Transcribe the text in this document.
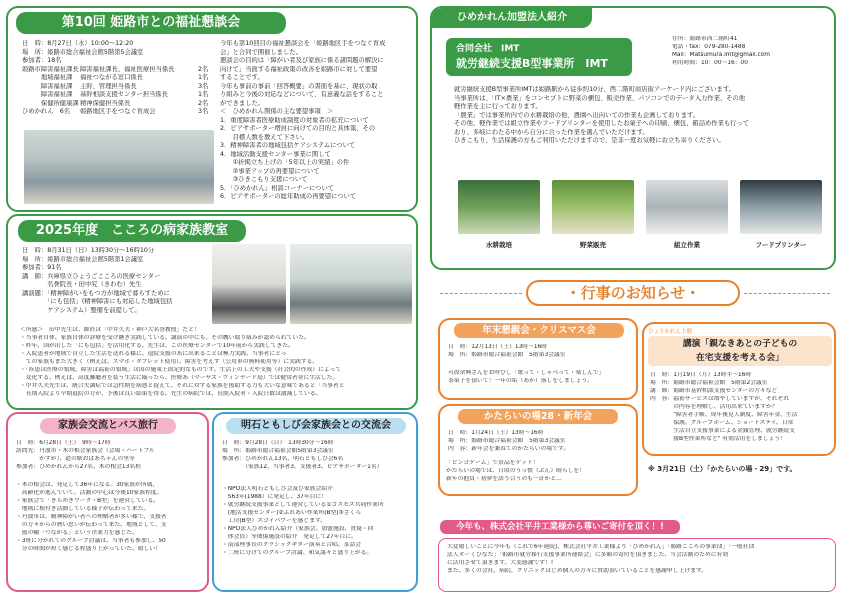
第10回 姫路市との福祉懇談会
日　時：8月27日（水）10:00～12:20
場　所：姫路市総合福祉会館5階第5会議室
参加者：18名
姫路市障害福祉課長 障害福祉課長、福祉医療担当係長	2名
　　　地域福祉課	福祉つながる窓口係長	1名
　　　障害福祉課	主幹、管理担当係長	3名
　　　障害福祉課	基幹相談支援センター担当係長	1名
　　　保健所健康課 精神保健担当係長	2名
ひめかれん　6名	姫路地区手をつなぐ育成会	3名
今年も第10回目の福祉懇談会を「姫路地区手をつなぐ育成
会」と合同で開催しました。
懇談会の目的は「障がい者及び家族に係る諸問題の解決に
向けて」当面する福祉政策の改善を姫路市に対して要望
することです。
今年も事前の事前「回答概要」の書面を基に、現状の取
り組みと今後の対応などについて、有意義な話をすること
ができました。
＜　ひめかれん関係の主な要望事項　＞
1．重度障害者医療助成制度の対象者の拡充について
2．ピアサポーター増員に向けての目的と具体策、その
　　目標人数を教えて下さい。
3．精神障害者の地域包括ケアシステムについて
4．地域活動支援センター事業に関して
　　①折掲立ち上げの「5年以上の実績」の件
　　②事業アップの再要望について
　　③ひきこもり支援について
5．「ひめかれん」相談コーナーについて
6．ピアサポーターの総年助成の再要望について
2025年度　こころの病家族教室
日　時：8月31日（日）13時30分～16時10分
場　所：姫路市総合福祉会館5階第1会議室
参加者：91名
講　師：兵庫県立ひょうごこころの医療センター
　　　　名誉院長・田中究（きわむ）先生
講演題：「精神障がいをもつ方が地域で暮らすために
　　　　「にも包括」(精神障害にも対応した地域包括
　　　　ケアシステム）整備を前提して。
＜所感＞　田中先生は、師匠は「中井久夫・神戸大名誉教授」だと！
・当事者自体、家族自体の診療を受け継ぎ実践している。講演の中にも、その鷹い取り組みが認められていた。
・昨年、国が出した「にも包括」を活用化する。先生は、この医療センターで10年前から実践してきた。
・入院患者が地域で自立した生活を送れる様に、退院支援のあに出来ることは極力実践。当事者にとっ
　ての家族もまた大きく（例えば、スマホ・タブレット使用）。障害を考えず（公用車の無料使用等）に実践する。
・「疾患は医療の領域、障害は福祉の領域」は国の施策上固定的なものです。生活上の工夫や支援（社会的の作成）によって
　変化する。例えば、高度難聴者を装う生活に陥ったら、医療あ（マーサズ・ヴィンヤード島）では健常者並に生活した。
・中井久夫先生は、統合失調症では急性期を病悪と捉えて、それに対する家族を援助する力も大いな意味であると「当事者と
　長期入院より早期退院の方が、予後は良い結果を得る。先生の病院では、長期入院者・入院日数は激減している。
家族会交流とバス旅行
日　時：6月28日（土）　9時～17時
訪問先：丹波市・木の根会家族会（会場・ハートフル
　　　　かすが）、道の駅おばあちゃんの里等
参加者：ひめかれんから27名、木の根会13名程
・木の根会は、発足して36年になる。30家族が所属、
　高齢化が進んでいて、活動の中心は今後10家族程度。
・家族会で「きらめきワーク・B型」を運営している。
　地域に根付き活動している様子が伝わって来た。
・丹波市は、精神障がい者への理解者が多い様で、支援者
　の方々からの熱い思いが伝わって来た。地域として、支
　援の輪「つながる」という企業力を感じた。
・3班に分かれてのグループ討議は、当事者も参加し、50
　分の時間が短く感じる程盛り上がっていた。嬉しい！
明石ともしび会家族会との交流会
日　時：9月28日（日）　13時30分～16時
場　所：姫路市総合福祉会館5階第3会議室
参加者：ひめかれん13名、明石ともしび会6名
　　　　（家族12、当事者3、支援者3、ピアサポーター1名）
・NPO法人明石ともしび会及び家族会紹介
　S63年(1988）に発足し、37年目に！
・就労継続支援事業として運営している①コスモス共同作業所
　(地活支援センター)②ふれあい作業所(B型)③さくら
　工房(B型）スゴイパワーを感じます。
・NPO法人ひめかれん紹介（家族会、加盟施設、質疑・回
　体会員）等関係施設の紹介　発足して27年目に。
・南部理事長のクラシックギター演奏と合唱、茶話会
・二班に分けてのグループ討論、和気藹々と盛り上がる。
ひめかれん加盟法人紹介
合同会社　IMT
就労継続支援B型事業所　IMT
住所：姫路市西二階町41
電話・fax：079-280-1488
Mail：Matsumura.imt@gmail.com
利用時間：10：00～16：00
就労継続支援B型事業所IMTは姫路駅から徒歩約10分、西二階町商店街アーケード内にございます。
当事業所は、「IT×農業」をコンセプトに野菜の梱包、販売作業、パソコンでのデータ入力作業、その他
軽作業を主に行っております。
「農業」では事業所内での水耕栽培の他、農園へ出向いての作業も企画しております。
その他、軽作業では組立作業やフードプリンターを使用したお菓子への印刷、梱包、箱詰め作業も行って
おり、多岐にわたる中から自分に合った作業を選んでいただけます。
ひきこもり、生活保護の方もご利用いただけますので、是非一度お気軽にお立ち寄りください。
水耕栽培	野菜販売	組立作業	フードプリンター
・行事のお知らせ・
年末懇親会・クリスマス会
日　時：12月13日（土）13時～16時
場　所：姫路市総合福祉会館　5階第3会議室
可改余興さんをお呼びし「歌って・しゃべって・楽しんで」
茶菓子を頂いて！一年の垢（あか）落しをしましょう。
かたらいの場28・新年会
日　時：1月24日（土）13時～16時
場　所：姫路市総合福祉会館　5階第3会議室
内　容：新年会を兼ねてのかたらいの場です。
「ビンゴゲーム」で景品をゲット！
かたらいの場では、日頃のうっ憤（ぷん）晴らしを！
新年の抱負・初夢を語り合うのも一計かと…
ひょうかれん主催
講演「親なきあとの子どもの
在宅支援を考える会」
日　時：1月19日（月）13時半～16時
場　所：姫路市総合福祉会館　5階第2会議室
講　師：姫路市基幹相談支援センターの方々など
内　容：福祉サービスは増やしていますが、それぞれ
　　　　の内容を理解し、活用出来ていますか？
　　　　"障害者手帳、成年後見人制度、障害年金、生活
　　　　保護、グループホーム、ショートステイ、日常
　　　　生活自立支援事業による金銭管理、就労継続支
　　　　援B型作業所など" 有効活用をしましょう！
※ 3月21日（土）「かたらいの場・29」です。
今年も、株式会社平井工業様から尊いご寄付を頂く！!
大変嬉しいことに今年も（これで6年連続)、株式会社平井工業様より「ひめかれん」「姫路こころの事業団」「一般社団
法人オーくひなた」「姫路市就労移行支援事業所連絡会」に多額の寄付を頂きました。当会活動のために有効
に活用させて頂きます。大変感謝です！!
また、多くの会社、病院、クリニックはじめ個人の方々に賛助頂いていることを感謝申し上げます。
